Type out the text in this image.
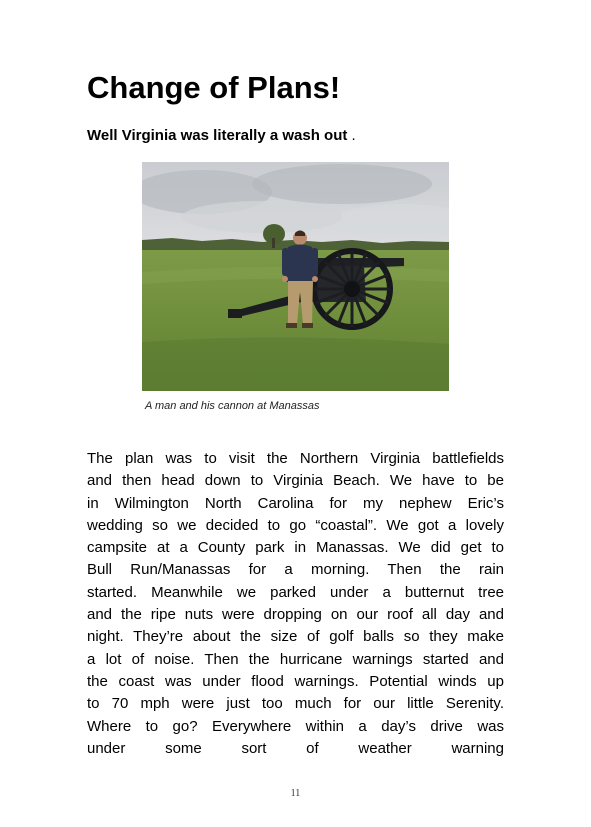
Change of Plans!
Well Virginia was literally a wash out .
A man and his cannon at Manassas
The plan was to visit the Northern Virginia battlefields
and then head down to Virginia Beach. We have to be
in Wilmington North Carolina for my nephew Eric’s
wedding so we decided to go “coastal”. We got a lovely
campsite at a County park in Manassas. We did get to
Bull Run/Manassas for a morning. Then the rain
started. Meanwhile we parked under a butternut tree
and the ripe nuts were dropping on our roof all day and
night. They’re about the size of golf balls so they make
a lot of noise. Then the hurricane warnings started and
the coast was under flood warnings. Potential winds up
to 70 mph were just too much for our little Serenity.
Where to go? Everywhere within a day’s drive was
under some sort of weather warning
11
